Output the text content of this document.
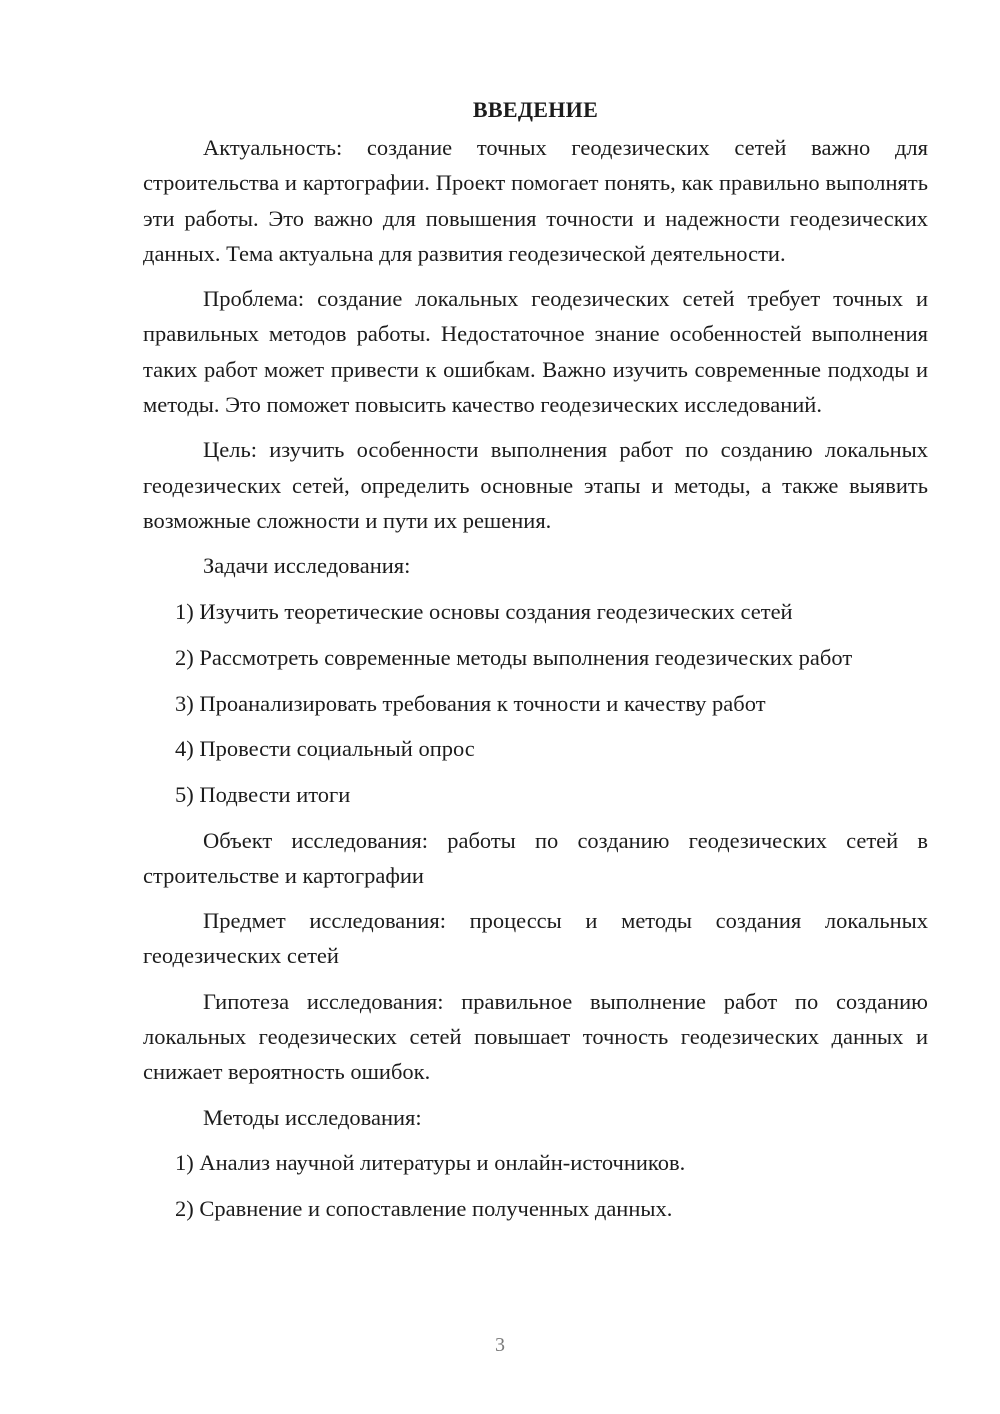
ВВЕДЕНИЕ

Актуальность: создание точных геодезических сетей важно для строительства и картографии. Проект помогает понять, как правильно выполнять эти работы. Это важно для повышения точности и надежности геодезических данных. Тема актуальна для развития геодезической деятельности.

Проблема: создание локальных геодезических сетей требует точных и правильных методов работы. Недостаточное знание особенностей выполнения таких работ может привести к ошибкам. Важно изучить современные подходы и методы. Это поможет повысить качество геодезических исследований.

Цель: изучить особенности выполнения работ по созданию локальных геодезических сетей, определить основные этапы и методы, а также выявить возможные сложности и пути их решения.

Задачи исследования:

1) Изучить теоретические основы создания геодезических сетей
2) Рассмотреть современные методы выполнения геодезических работ
3) Проанализировать требования к точности и качеству работ
4) Провести социальный опрос
5) Подвести итоги

Объект исследования: работы по созданию геодезических сетей в строительстве и картографии

Предмет исследования: процессы и методы создания локальных геодезических сетей

Гипотеза исследования: правильное выполнение работ по созданию локальных геодезических сетей повышает точность геодезических данных и снижает вероятность ошибок.

Методы исследования:

1) Анализ научной литературы и онлайн-источников.
2) Сравнение и сопоставление полученных данных.
3
